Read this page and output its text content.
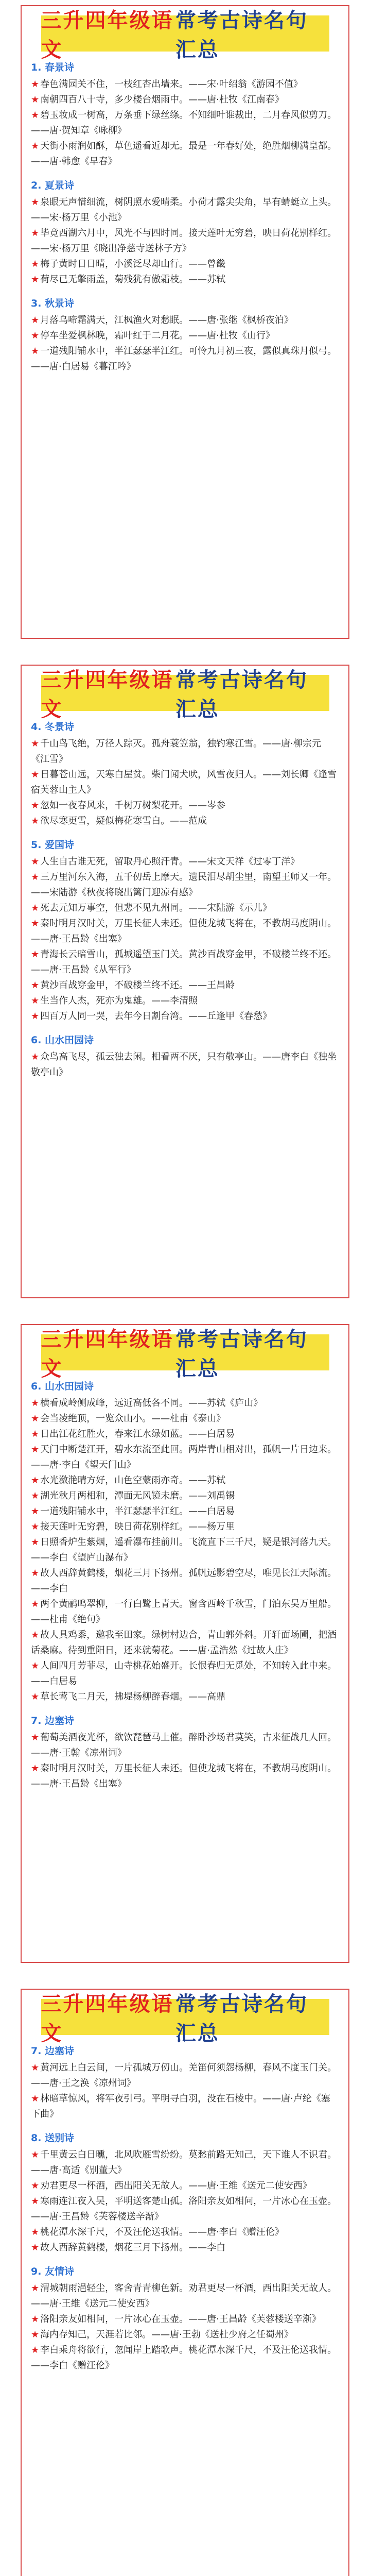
三升四年级语文
常考古诗名句汇总
1. 春景诗

★ 春色满园关不住，一枝红杏出墙来。——宋·叶绍翁《游园不值》

★ 南朝四百八十寺，多少楼台烟雨中。——唐·杜牧《江南春》

★ 碧玉妆成一树高，万条垂下绿丝绦。不知细叶谁裁出，二月春风似剪刀。——唐·贺知章《咏柳》

★ 天街小雨润如酥，草色遥看近却无。最是一年春好处，绝胜烟柳满皇都。——唐·韩愈《早春》

2. 夏景诗

★ 泉眼无声惜细流，树阴照水爱晴柔。小荷才露尖尖角，早有蜻蜓立上头。——宋·杨万里《小池》

★ 毕竟西湖六月中，风光不与四时同。接天莲叶无穷碧，映日荷花别样红。——宋·杨万里《晓出净慈寺送林子方》

★ 梅子黄时日日晴，小溪泛尽却山行。——曾畿

★ 荷尽已无擎雨盖，菊残犹有傲霜枝。——苏轼

3. 秋景诗

★ 月落乌啼霜满天，江枫渔火对愁眠。——唐·张继《枫桥夜泊》

★ 停车坐爱枫林晚，霜叶红于二月花。——唐·杜牧《山行》

★ 一道残阳铺水中，半江瑟瑟半江红。可怜九月初三夜，露似真珠月似弓。——唐·白居易《暮江吟》

三升四年级语文
常考古诗名句汇总
4. 冬景诗

★ 千山鸟飞绝，万径人踪灭。孤舟蓑笠翁，独钓寒江雪。——唐·柳宗元《江雪》

★ 日暮苍山远，天寒白屋贫。柴门闻犬吠，风雪夜归人。——刘长卿《逢雪宿芙蓉山主人》

★ 忽如一夜春风来，千树万树梨花开。——岑参

★ 欲尽寒更雪，疑似梅花寒雪白。——范成

5. 爱国诗

★ 人生自古谁无死，留取丹心照汗青。——宋文天祥《过零丁洋》

★ 三万里河东入海，五千仞岳上摩天。遗民泪尽胡尘里，南望王师又一年。——宋陆游《秋夜将晓出篱门迎凉有感》

★ 死去元知万事空，但悲不见九州同。——宋陆游《示儿》

★ 秦时明月汉时关，万里长征人未还。但使龙城飞将在，不教胡马度阴山。——唐·王昌龄《出塞》

★ 青海长云暗雪山，孤城遥望玉门关。黄沙百战穿金甲，不破楼兰终不还。——唐·王昌龄《从军行》

★ 黄沙百战穿金甲，不破楼兰终不还。——王昌龄

★ 生当作人杰，死亦为鬼雄。——李清照

★ 四百万人同一哭，去年今日割台湾。——丘逢甲《春愁》

6. 山水田园诗

★ 众鸟高飞尽，孤云独去闲。相看两不厌，只有敬亭山。——唐李白《独坐敬亭山》

三升四年级语文
常考古诗名句汇总
6. 山水田园诗

★ 横看成岭侧成峰，远近高低各不同。——苏轼《庐山》

★ 会当凌绝顶，一览众山小。——杜甫《泰山》

★ 日出江花红胜火，春来江水绿如蓝。——白居易

★ 天门中断楚江开，碧水东流至此回。两岸青山相对出，孤帆一片日边来。——唐·李白《望天门山》

★ 水光潋滟晴方好，山色空蒙雨亦奇。——苏轼

★ 湖光秋月两相和，潭面无风镜未磨。——刘禹锡

★ 一道残阳铺水中，半江瑟瑟半江红。——白居易

★ 接天莲叶无穷碧，映日荷花别样红。——杨万里

★ 日照香炉生紫烟，遥看瀑布挂前川。飞流直下三千尺，疑是银河落九天。——李白《望庐山瀑布》

★ 故人西辞黄鹤楼，烟花三月下扬州。孤帆远影碧空尽，唯见长江天际流。——李白

★ 两个黄鹂鸣翠柳，一行白鹭上青天。窗含西岭千秋雪，门泊东吴万里船。——杜甫《绝句》

★ 故人具鸡黍，邀我至田家。绿树村边合，青山郭外斜。开轩面场圃，把酒话桑麻。待到重阳日，还来就菊花。——唐·孟浩然《过故人庄》

★ 人间四月芳菲尽，山寺桃花始盛开。长恨春归无觅处，不知转入此中来。——白居易

★ 草长莺飞二月天，拂堤杨柳醉春烟。——高鼎

7. 边塞诗

★ 葡萄美酒夜光杯，欲饮琵琶马上催。醉卧沙场君莫笑，古来征战几人回。——唐·王翰《凉州词》

★ 秦时明月汉时关，万里长征人未还。但使龙城飞将在，不教胡马度阴山。——唐·王昌龄《出塞》

三升四年级语文
常考古诗名句汇总
7. 边塞诗

★ 黄河远上白云间，一片孤城万仞山。羌笛何须怨杨柳，春风不度玉门关。——唐·王之涣《凉州词》

★ 林暗草惊风，将军夜引弓。平明寻白羽，没在石棱中。——唐·卢纶《塞下曲》

8. 送别诗

★ 千里黄云白日曛，北风吹雁雪纷纷。莫愁前路无知己，天下谁人不识君。——唐·高适《别董大》

★ 劝君更尽一杯酒，西出阳关无故人。——唐·王维《送元二使安西》

★ 寒雨连江夜入吴，平明送客楚山孤。洛阳亲友如相问，一片冰心在玉壶。——唐·王昌龄《芙蓉楼送辛渐》

★ 桃花潭水深千尺，不及汪伦送我情。——唐·李白《赠汪伦》

★ 故人西辞黄鹤楼，烟花三月下扬州。——李白

9. 友情诗

★ 渭城朝雨浥轻尘，客舍青青柳色新。劝君更尽一杯酒，西出阳关无故人。——唐·王维《送元二使安西》

★ 洛阳亲友如相问，一片冰心在玉壶。——唐·王昌龄《芙蓉楼送辛渐》

★ 海内存知己，天涯若比邻。——唐·王勃《送杜少府之任蜀州》

★ 李白乘舟将欲行，忽闻岸上踏歌声。桃花潭水深千尺，不及汪伦送我情。——李白《赠汪伦》
